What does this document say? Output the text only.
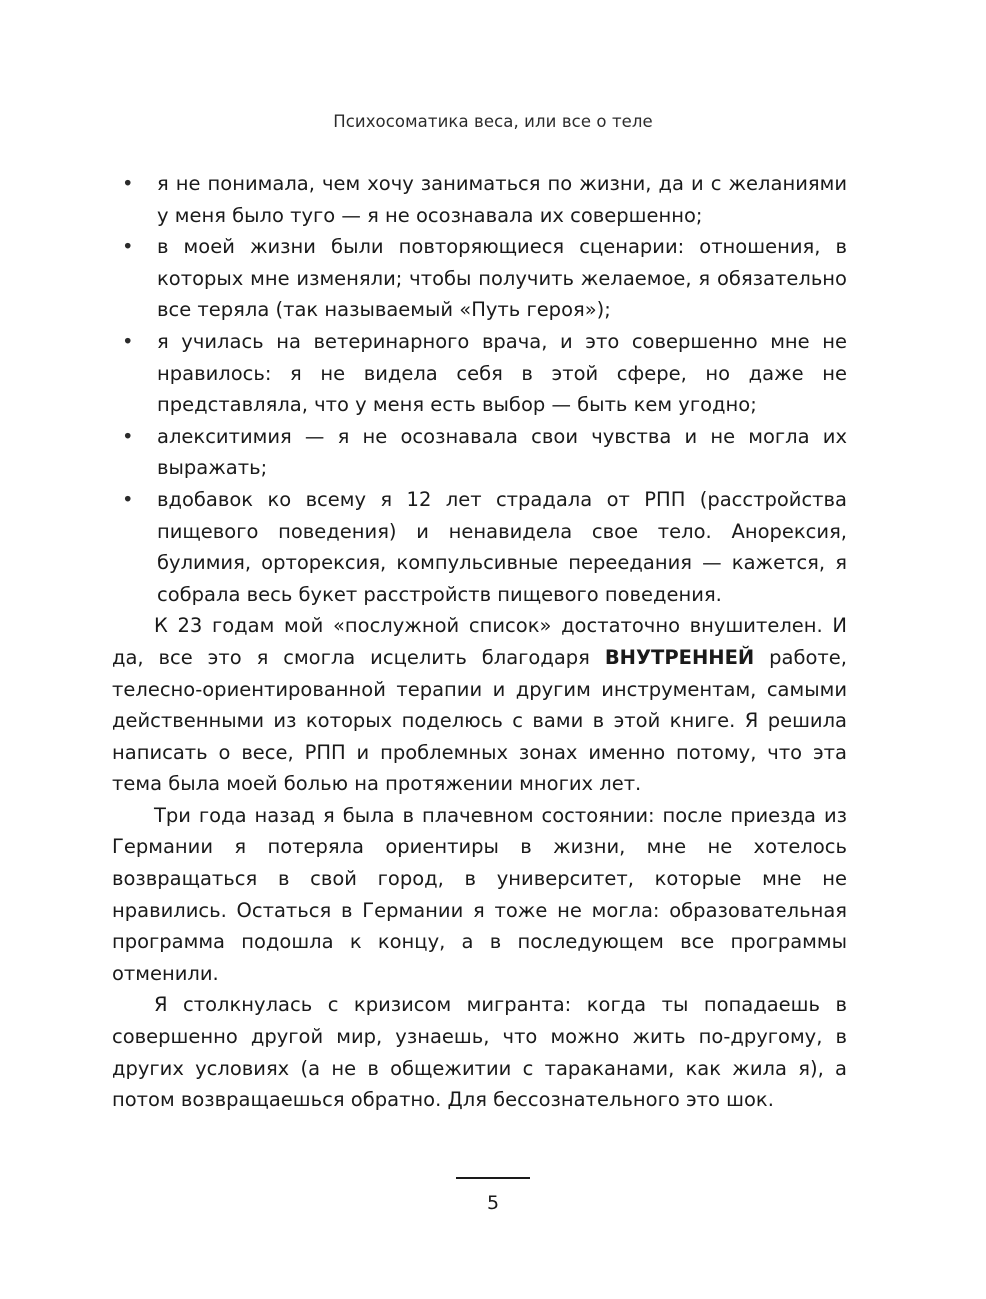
Психосоматика веса, или все о теле
• я не понимала, чем хочу заниматься по жизни, да и с желаниями у меня было туго — я не осознавала их совершенно;
• в моей жизни были повторяющиеся сценарии: отношения, в которых мне изменяли; чтобы получить желаемое, я обязательно все теряла (так называемый «Путь героя»);
• я училась на ветеринарного врача, и это совершенно мне не нравилось: я не видела себя в этой сфере, но даже не представляла, что у меня есть выбор — быть кем угодно;
• алекситимия — я не осознавала свои чувства и не могла их выражать;
• вдобавок ко всему я 12 лет страдала от РПП (расстройства пищевого поведения) и ненавидела свое тело. Анорексия, булимия, орторексия, компульсивные переедания — кажется, я собрала весь букет расстройств пищевого поведения.

К 23 годам мой «послужной список» достаточно внушителен. И да, все это я смогла исцелить благодаря ВНУТРЕННЕЙ работе, телесно-ориентированной терапии и другим инструментам, самыми действенными из которых поделюсь с вами в этой книге. Я решила написать о весе, РПП и проблемных зонах именно потому, что эта тема была моей болью на протяжении многих лет.

Три года назад я была в плачевном состоянии: после приезда из Германии я потеряла ориентиры в жизни, мне не хотелось возвращаться в свой город, в университет, которые мне не нравились. Остаться в Германии я тоже не могла: образовательная программа подошла к концу, а в последующем все программы отменили.

Я столкнулась с кризисом мигранта: когда ты попадаешь в совершенно другой мир, узнаешь, что можно жить по-другому, в других условиях (а не в общежитии с тараканами, как жила я), а потом возвращаешься обратно. Для бессознательного это шок.

5
